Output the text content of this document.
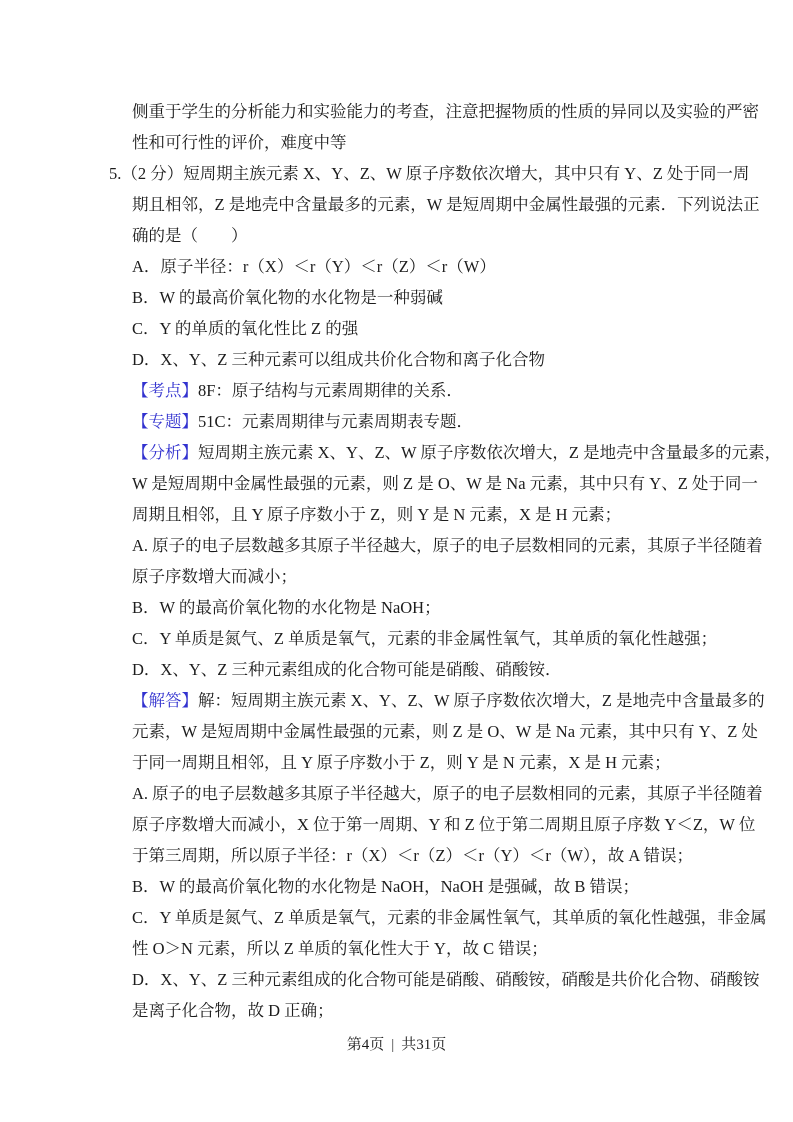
侧重于学生的分析能力和实验能力的考查，注意把握物质的性质的异同以及实验的严密
性和可行性的评价，难度中等
5.（2 分）短周期主族元素 X、Y、Z、W 原子序数依次增大，其中只有 Y、Z 处于同一周
期且相邻，Z 是地壳中含量最多的元素，W 是短周期中金属性最强的元素．下列说法正
确的是（　　）
A．原子半径：r（X）＜r（Y）＜r（Z）＜r（W）
B．W 的最高价氧化物的水化物是一种弱碱
C．Y 的单质的氧化性比 Z 的强
D．X、Y、Z 三种元素可以组成共价化合物和离子化合物
【考点】8F：原子结构与元素周期律的关系．
【专题】51C：元素周期律与元素周期表专题．
【分析】短周期主族元素 X、Y、Z、W 原子序数依次增大，Z 是地壳中含量最多的元素，
W 是短周期中金属性最强的元素，则 Z 是 O、W 是 Na 元素，其中只有 Y、Z 处于同一
周期且相邻，且 Y 原子序数小于 Z，则 Y 是 N 元素，X 是 H 元素；
A. 原子的电子层数越多其原子半径越大，原子的电子层数相同的元素，其原子半径随着
原子序数增大而减小；
B．W 的最高价氧化物的水化物是 NaOH；
C．Y 单质是氮气、Z 单质是氧气，元素的非金属性氧气，其单质的氧化性越强；
D．X、Y、Z 三种元素组成的化合物可能是硝酸、硝酸铵．
【解答】解：短周期主族元素 X、Y、Z、W 原子序数依次增大，Z 是地壳中含量最多的
元素，W 是短周期中金属性最强的元素，则 Z 是 O、W 是 Na 元素，其中只有 Y、Z 处
于同一周期且相邻，且 Y 原子序数小于 Z，则 Y 是 N 元素，X 是 H 元素；
A. 原子的电子层数越多其原子半径越大，原子的电子层数相同的元素，其原子半径随着
原子序数增大而减小，X 位于第一周期、Y 和 Z 位于第二周期且原子序数 Y＜Z，W 位
于第三周期，所以原子半径：r（X）＜r（Z）＜r（Y）＜r（W），故 A 错误；
B．W 的最高价氧化物的水化物是 NaOH，NaOH 是强碱，故 B 错误；
C．Y 单质是氮气、Z 单质是氧气，元素的非金属性氧气，其单质的氧化性越强，非金属
性 O＞N 元素，所以 Z 单质的氧化性大于 Y，故 C 错误；
D．X、Y、Z 三种元素组成的化合物可能是硝酸、硝酸铵，硝酸是共价化合物、硝酸铵
是离子化合物，故 D 正确；
第4页 | 共31页
